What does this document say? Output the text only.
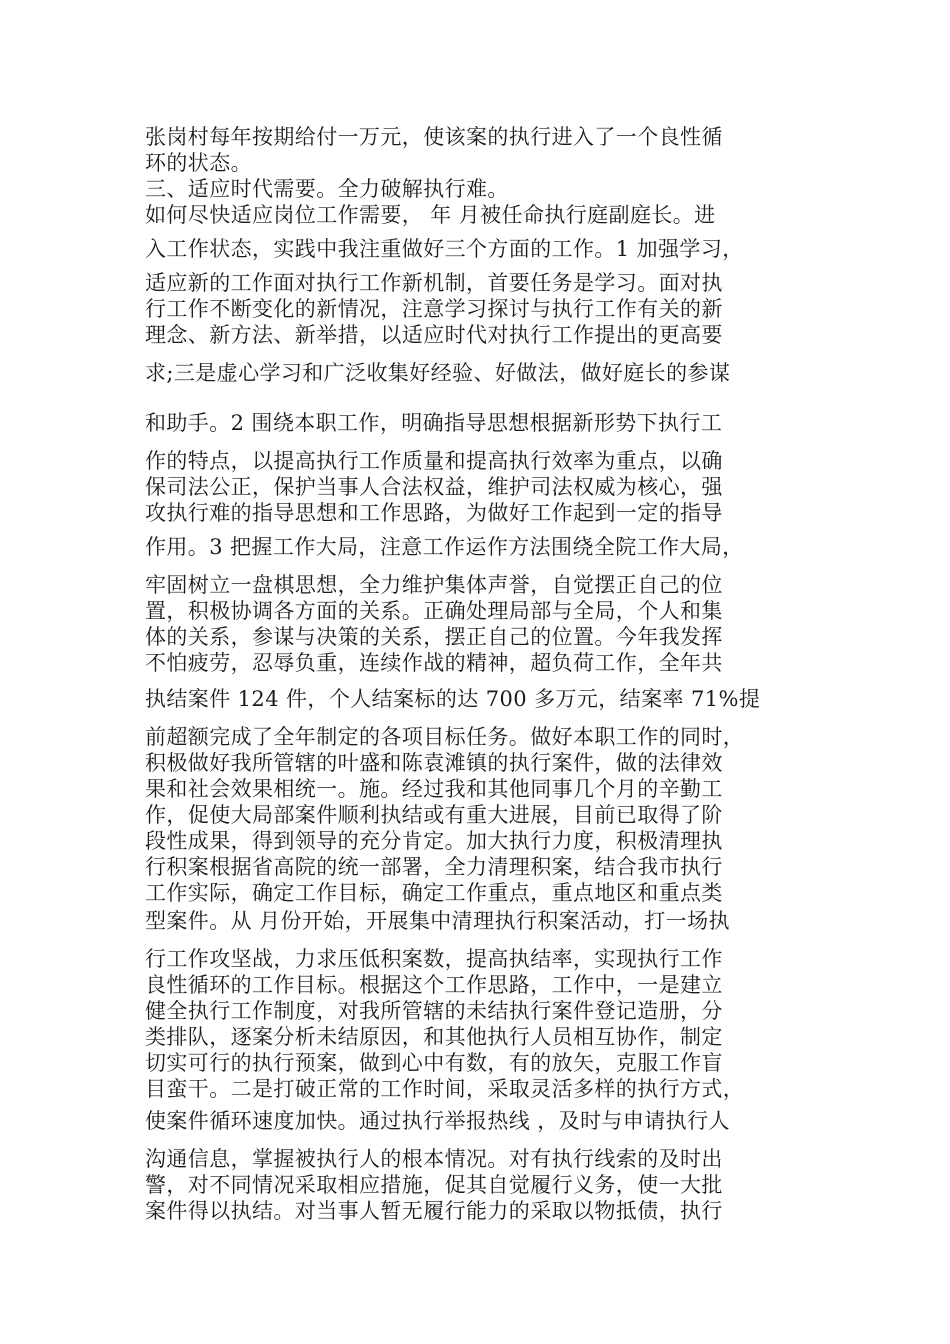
张岗村每年按期给付一万元，使该案的执行进入了一个良性循
环的状态。
三、适应时代需要。全力破解执行难。
如何尽快适应岗位工作需要， 年 月被任命执行庭副庭长。进
入工作状态，实践中我注重做好三个方面的工作。1 加强学习，
适应新的工作面对执行工作新机制，首要任务是学习。面对执
行工作不断变化的新情况，注意学习探讨与执行工作有关的新
理念、新方法、新举措，以适应时代对执行工作提出的更高要
求;三是虚心学习和广泛收集好经验、好做法，做好庭长的参谋
和助手。2 围绕本职工作，明确指导思想根据新形势下执行工
作的特点，以提高执行工作质量和提高执行效率为重点，以确
保司法公正，保护当事人合法权益，维护司法权威为核心，强
攻执行难的指导思想和工作思路，为做好工作起到一定的指导
作用。3 把握工作大局，注意工作运作方法围绕全院工作大局，
牢固树立一盘棋思想，全力维护集体声誉，自觉摆正自己的位
置，积极协调各方面的关系。正确处理局部与全局，个人和集
体的关系，参谋与决策的关系，摆正自己的位置。今年我发挥
不怕疲劳，忍辱负重，连续作战的精神，超负荷工作，全年共
执结案件 124 件，个人结案标的达 700 多万元，结案率 71%提
前超额完成了全年制定的各项目标任务。做好本职工作的同时，
积极做好我所管辖的叶盛和陈袁滩镇的执行案件，做的法律效
果和社会效果相统一。施。经过我和其他同事几个月的辛勤工
作，促使大局部案件顺利执结或有重大进展，目前已取得了阶
段性成果，得到领导的充分肯定。加大执行力度，积极清理执
行积案根据省高院的统一部署，全力清理积案，结合我市执行
工作实际，确定工作目标，确定工作重点，重点地区和重点类
型案件。从 月份开始，开展集中清理执行积案活动，打一场执
行工作攻坚战，力求压低积案数，提高执结率，实现执行工作
良性循环的工作目标。根据这个工作思路，工作中，一是建立
健全执行工作制度，对我所管辖的未结执行案件登记造册，分
类排队，逐案分析未结原因，和其他执行人员相互协作，制定
切实可行的执行预案，做到心中有数，有的放矢，克服工作盲
目蛮干。二是打破正常的工作时间，采取灵活多样的执行方式，
使案件循环速度加快。通过执行举报热线 ，及时与申请执行人
沟通信息，掌握被执行人的根本情况。对有执行线索的及时出
警，对不同情况采取相应措施，促其自觉履行义务，使一大批
案件得以执结。对当事人暂无履行能力的采取以物抵债，执行
